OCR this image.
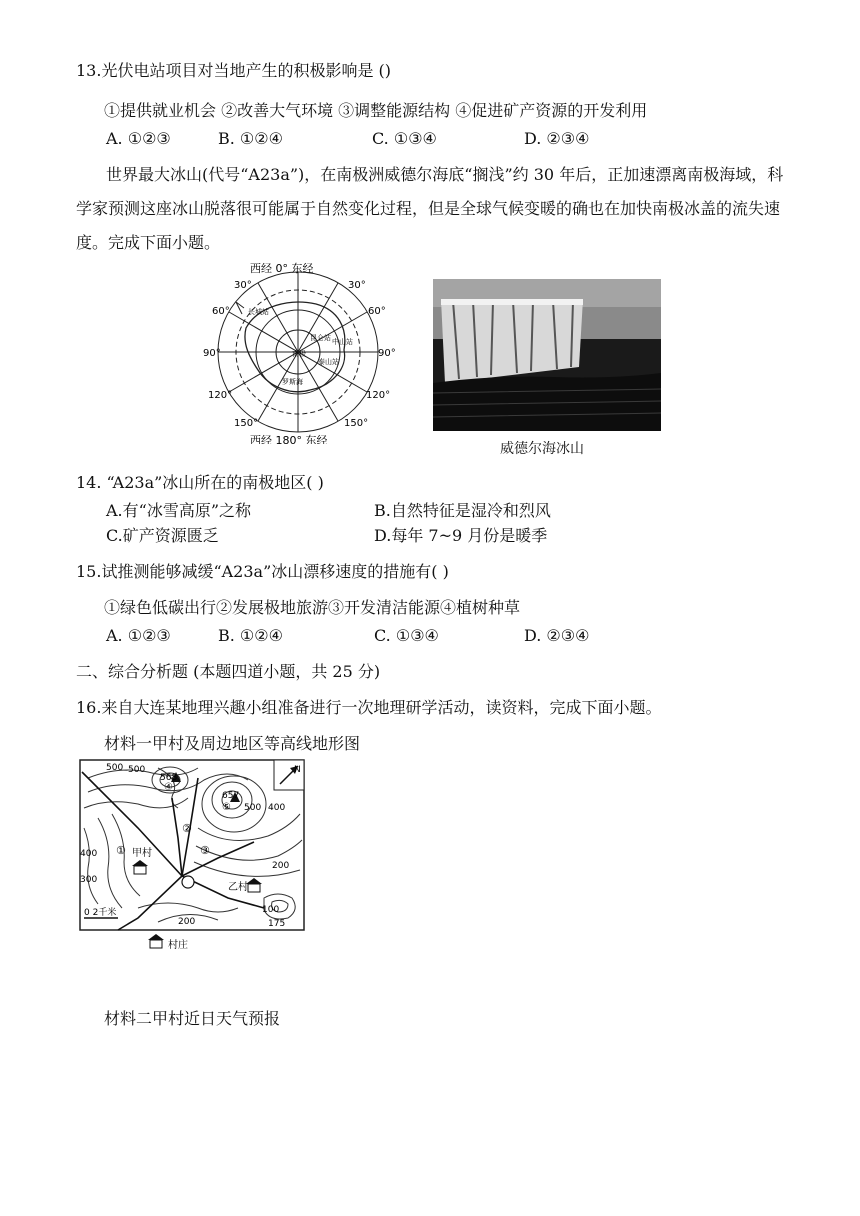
13.光伏电站项目对当地产生的积极影响是 ()
①提供就业机会 ②改善大气环境 ③调整能源结构 ④促进矿产资源的开发利用
A. ①②③	B. ①②④	C. ①③④	D. ②③④
世界最大冰山(代号“A23a”)，在南极洲威德尔海底“搁浅”约 30 年后，正加速漂离南极海域，科学家预测这座冰山脱落很可能属于自然变化过程，但是全球气候变暖的确也在加快南极冰盖的流失速度。完成下面小题。
西经 0° 东经
西经 180° 东经
30°
30°
60°
60°
90°	90°
120°	120°
150°	150°
长城站
中山站
南极
昆仑站
泰山站
罗斯海
威德尔海冰山
14. “A23a”冰山所在的南极地区( )
A.有“冰雪高原”之称	B.自然特征是湿冷和烈风
C.矿产资源匮乏	D.每年 7~9 月份是暖季
15.试推测能够减缓“A23a”冰山漂移速度的措施有( )
①绿色低碳出行②发展极地旅游③开发清洁能源④植树种草
A. ①②③	B. ①②④	C. ①③④	D. ②③④
二、综合分析题 (本题四道小题，共 25 分)
16.来自大连某地理兴趣小组准备进行一次地理研学活动，读资料，完成下面小题。
材料一甲村及周边地区等高线地形图
N
500 500
568
657
500 400
400
300
200
200
100
175
①
②
③
④
⑤
甲村
乙村
0 2千米
村庄
材料二甲村近日天气预报
